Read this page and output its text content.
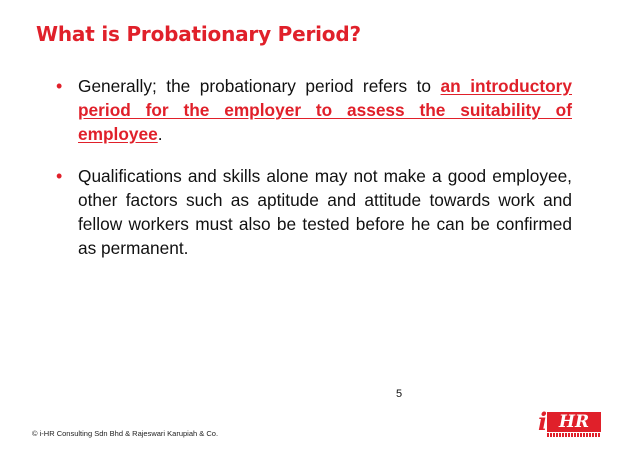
What is Probationary Period?
• Generally; the probationary period refers to an introductory period for the employer to assess the suitability of employee.
• Qualifications and skills alone may not make a good employee, other factors such as aptitude and attitude towards work and fellow workers must also be tested before he can be confirmed as permanent.
5
© i-HR Consulting Sdn Bhd & Rajeswari Karupiah & Co.	i HR
